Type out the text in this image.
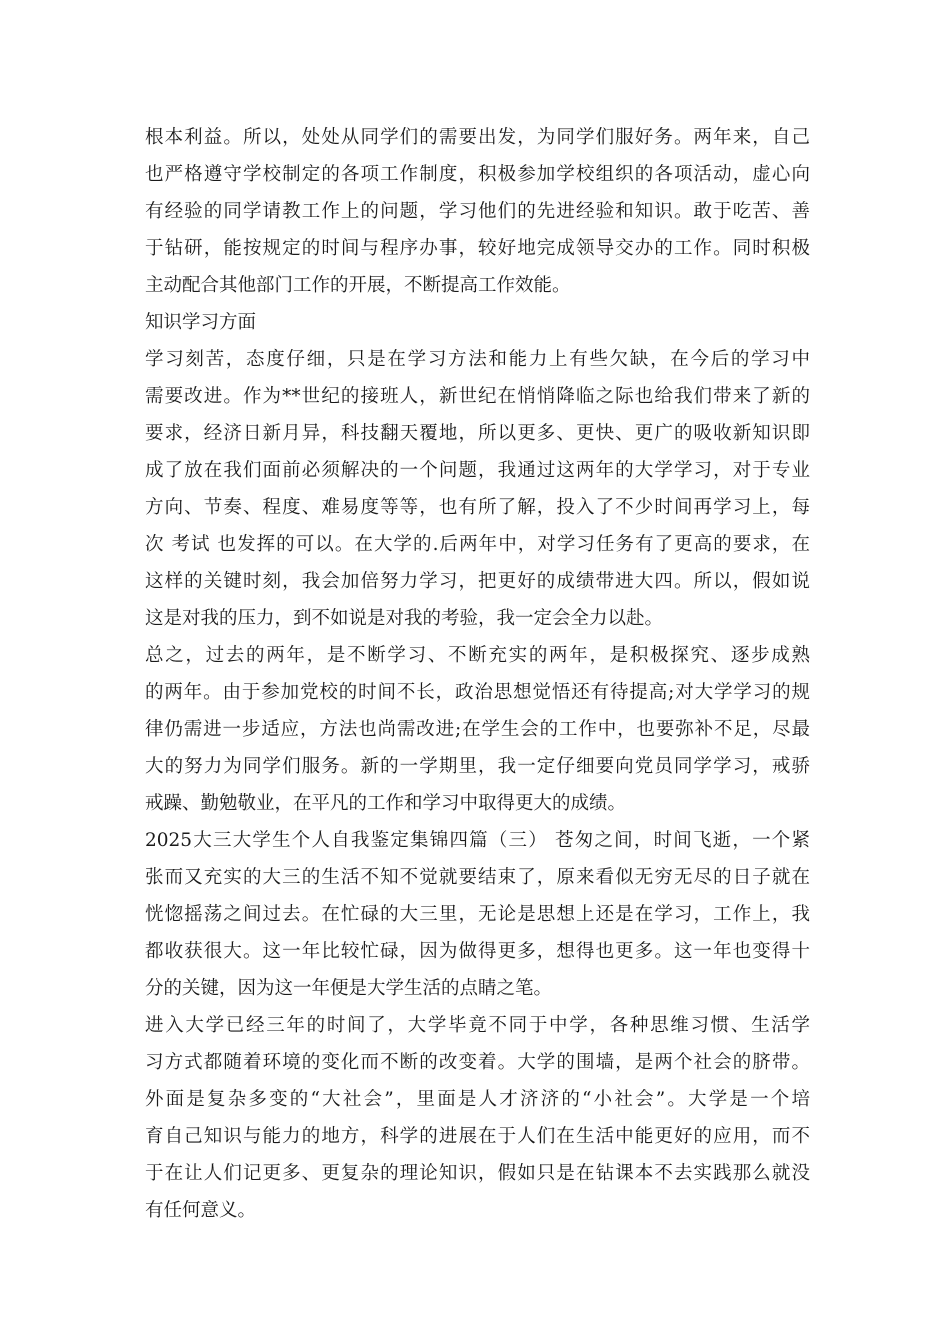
根本利益。所以，处处从同学们的需要出发，为同学们服好务。两年来，自己
也严格遵守学校制定的各项工作制度，积极参加学校组织的各项活动，虚心向
有经验的同学请教工作上的问题，学习他们的先进经验和知识。敢于吃苦、善
于钻研，能按规定的时间与程序办事，较好地完成领导交办的工作。同时积极
主动配合其他部门工作的开展，不断提高工作效能。
知识学习方面
学习刻苦，态度仔细，只是在学习方法和能力上有些欠缺，在今后的学习中
需要改进。作为**世纪的接班人，新世纪在悄悄降临之际也给我们带来了新的
要求，经济日新月异，科技翻天覆地，所以更多、更快、更广的吸收新知识即
成了放在我们面前必须解决的一个问题，我通过这两年的大学学习，对于专业
方向、节奏、程度、难易度等等，也有所了解，投入了不少时间再学习上，每
次 考试 也发挥的可以。在大学的.后两年中，对学习任务有了更高的要求，在
这样的关键时刻，我会加倍努力学习，把更好的成绩带进大四。所以，假如说
这是对我的压力，到不如说是对我的考验，我一定会全力以赴。
总之，过去的两年，是不断学习、不断充实的两年，是积极探究、逐步成熟
的两年。由于参加党校的时间不长，政治思想觉悟还有待提高;对大学学习的规
律仍需进一步适应，方法也尚需改进;在学生会的工作中，也要弥补不足，尽最
大的努力为同学们服务。新的一学期里，我一定仔细要向党员同学学习，戒骄
戒躁、勤勉敬业，在平凡的工作和学习中取得更大的成绩。
2025大三大学生个人自我鉴定集锦四篇（三） 苍匆之间，时间飞逝，一个紧
张而又充实的大三的生活不知不觉就要结束了，原来看似无穷无尽的日子就在
恍惚摇荡之间过去。在忙碌的大三里，无论是思想上还是在学习，工作上，我
都收获很大。这一年比较忙碌，因为做得更多，想得也更多。这一年也变得十
分的关键，因为这一年便是大学生活的点睛之笔。
进入大学已经三年的时间了，大学毕竟不同于中学，各种思维习惯、生活学
习方式都随着环境的变化而不断的改变着。大学的围墙，是两个社会的脐带。
外面是复杂多变的“大社会”，里面是人才济济的“小社会”。大学是一个培
育自己知识与能力的地方，科学的进展在于人们在生活中能更好的应用，而不
于在让人们记更多、更复杂的理论知识，假如只是在钻课本不去实践那么就没
有任何意义。
